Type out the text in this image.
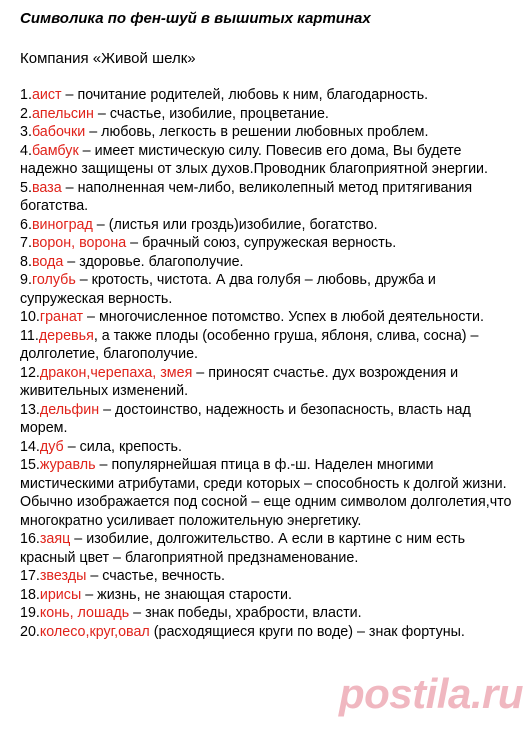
Символика по фен-шуй в вышитых картинах
Компания «Живой шелк»

1.аист – почитание родителей, любовь к ним, благодарность.

2.апельсин – счастье, изобилие, процветание.

3.бабочки – любовь, легкость в решении любовных проблем.

4.бамбук – имеет мистическую силу. Повесив его дома, Вы будете надежно защищены от злых духов.Проводник благоприятной энергии.

5.ваза – наполненная чем-либо, великолепный метод притягивания богатства.

6.виноград – (листья или гроздь)изобилие, богатство.

7.ворон, ворона – брачный союз, супружеская верность.

8.вода – здоровье. благополучие.

9.голубь – кротость, чистота. А два голубя – любовь, дружба и супружеская верность.

10.гранат – многочисленное потомство. Успех в любой деятельности.

11.деревья, а также плоды (особенно груша, яблоня, слива, сосна) – долголетие, благополучие.

12.дракон,черепаха, змея – приносят счастье. дух возрождения и живительных изменений.

13.дельфин – достоинство, надежность и безопасность, власть над морем.

14.дуб – сила, крепость.

15.журавль – популярнейшая птица в ф.-ш. Наделен многими мистическими атрибутами, среди которых – способность к долгой жизни. Обычно изображается под сосной – еще одним символом долголетия,что многократно усиливает положительную энергетику.

16.заяц – изобилие, долгожительство. А если в картине с ним есть красный цвет – благоприятной предзнаменование.

17.звезды – счастье, вечность.

18.ирисы – жизнь, не знающая старости.

19.конь, лошадь – знак победы, храбрости, власти.

20.колесо,круг,овал (расходящиеся круги по воде) – знак фортуны.

postila.ru
